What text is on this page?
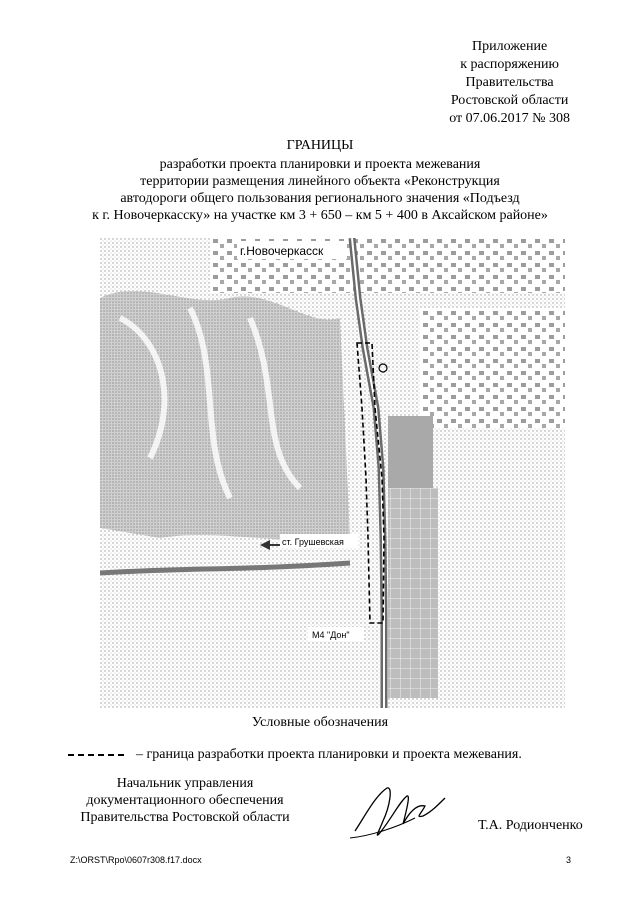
Приложение
к распоряжению
Правительства
Ростовской области
от 07.06.2017 № 308
ГРАНИЦЫ
разработки проекта планировки и проекта межевания
территории размещения линейного объекта «Реконструкция
автодороги общего пользования регионального значения «Подъезд
к г. Новочеркасску» на участке км 3 + 650 – км 5 + 400 в Аксайском районе»
г.Новочеркасск
ст. Грушевская
М4 "Дон"
Условные обозначения
– граница разработки проекта планировки и проекта межевания.
Начальник управления
документационного обеспечения
Правительства Ростовской области
Т.А. Родионченко
Z:\ORST\Rpo\0607r308.f17.docx	3
